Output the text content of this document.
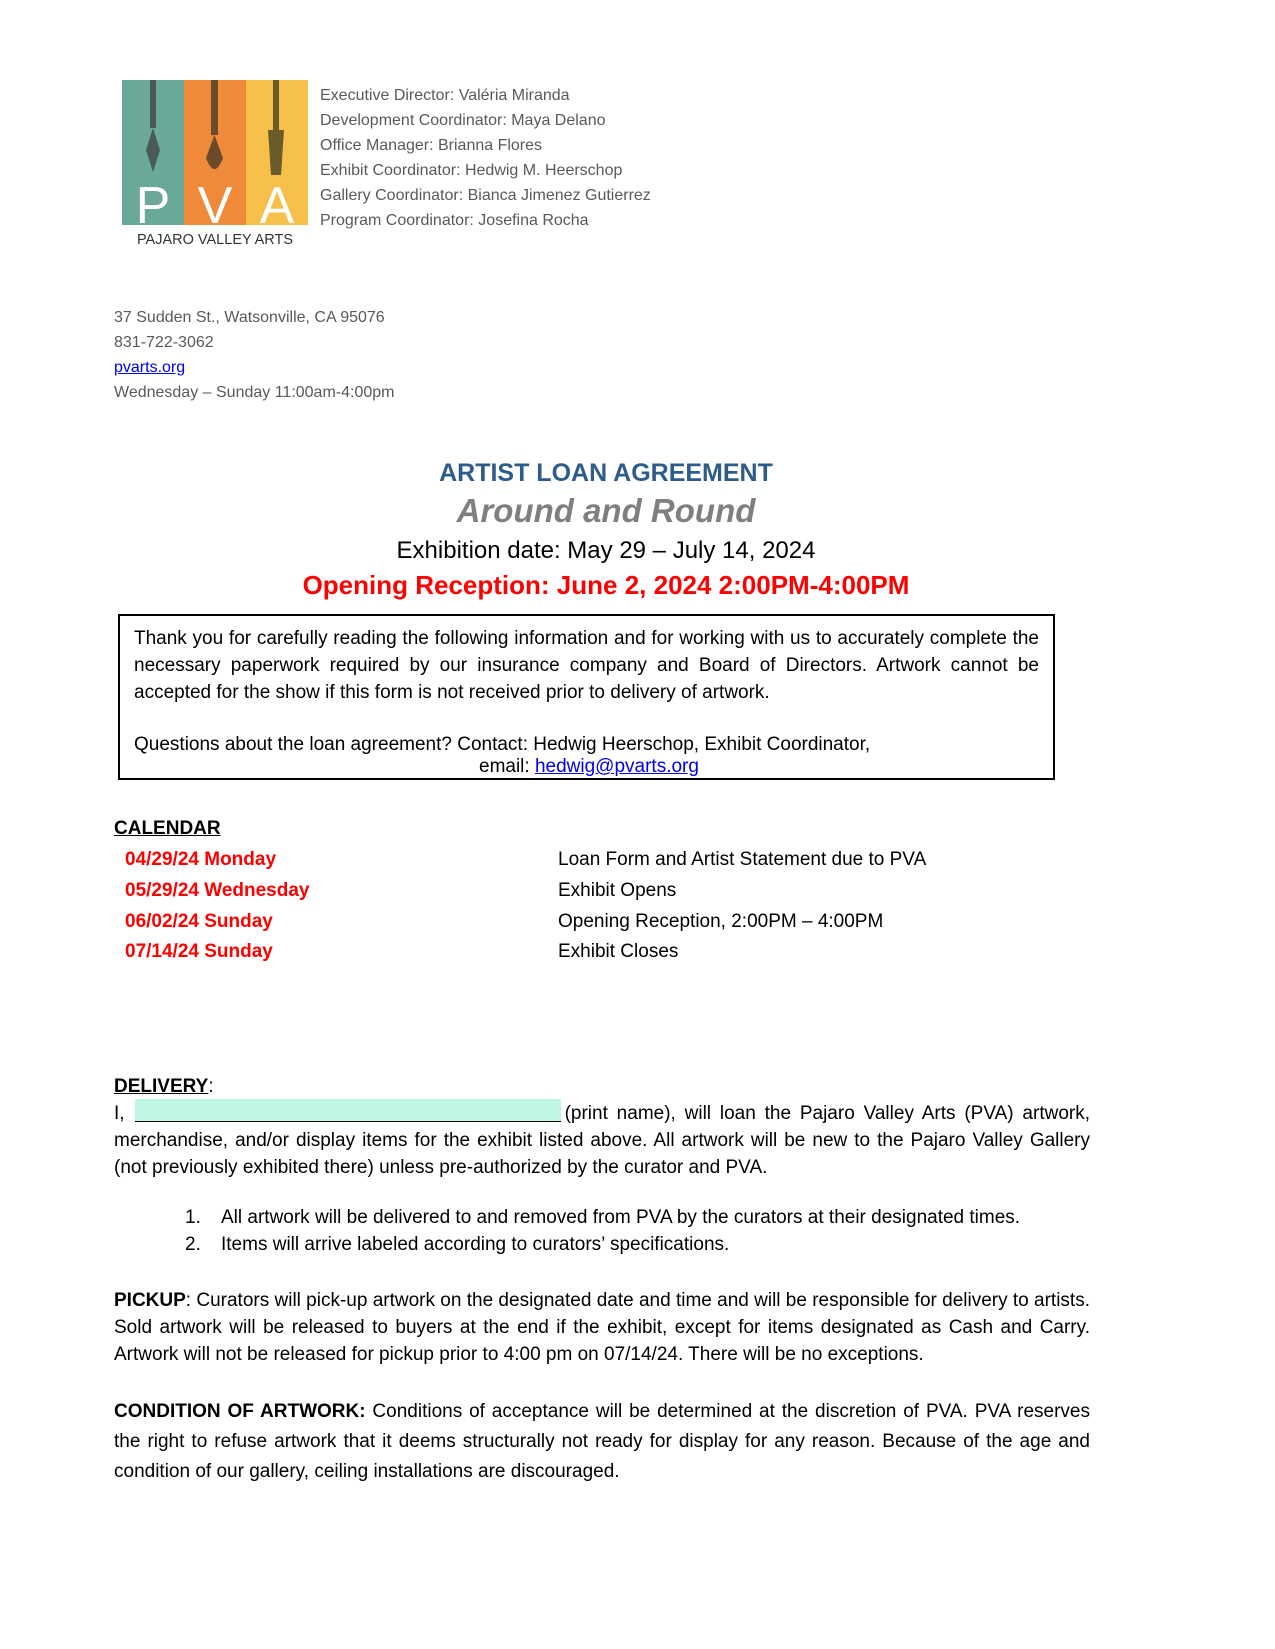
P V A
PAJARO VALLEY ARTS
Executive Director: Valéria Miranda
Development Coordinator: Maya Delano
Office Manager: Brianna Flores
Exhibit Coordinator: Hedwig M. Heerschop
Gallery Coordinator: Bianca Jimenez Gutierrez
Program Coordinator: Josefina Rocha
37 Sudden St., Watsonville, CA 95076
831-722-3062
pvarts.org
Wednesday – Sunday 11:00am-4:00pm
ARTIST LOAN AGREEMENT
Around and Round
Exhibition date: May 29 – July 14, 2024
Opening Reception: June 2, 2024 2:00PM-4:00PM
Thank you for carefully reading the following information and for working with us to accurately complete the necessary paperwork required by our insurance company and Board of Directors. Artwork cannot be accepted for the show if this form is not received prior to delivery of artwork.
Questions about the loan agreement? Contact: Hedwig Heerschop, Exhibit Coordinator,
email: hedwig@pvarts.org
CALENDAR
04/29/24 Monday	Loan Form and Artist Statement due to PVA
05/29/24 Wednesday	Exhibit Opens
06/02/24 Sunday	Opening Reception, 2:00PM – 4:00PM
07/14/24 Sunday	Exhibit Closes
DELIVERY:
I,	(print name), will loan the Pajaro Valley Arts (PVA) artwork, merchandise, and/or display items for the exhibit listed above. All artwork will be new to the Pajaro Valley Gallery (not previously exhibited there) unless pre-authorized by the curator and PVA.
1. All artwork will be delivered to and removed from PVA by the curators at their designated times.
2. Items will arrive labeled according to curators’ specifications.
PICKUP: Curators will pick-up artwork on the designated date and time and will be responsible for delivery to artists. Sold artwork will be released to buyers at the end if the exhibit, except for items designated as Cash and Carry. Artwork will not be released for pickup prior to 4:00 pm on 07/14/24. There will be no exceptions.
CONDITION OF ARTWORK: Conditions of acceptance will be determined at the discretion of PVA. PVA reserves the right to refuse artwork that it deems structurally not ready for display for any reason. Because of the age and condition of our gallery, ceiling installations are discouraged.
